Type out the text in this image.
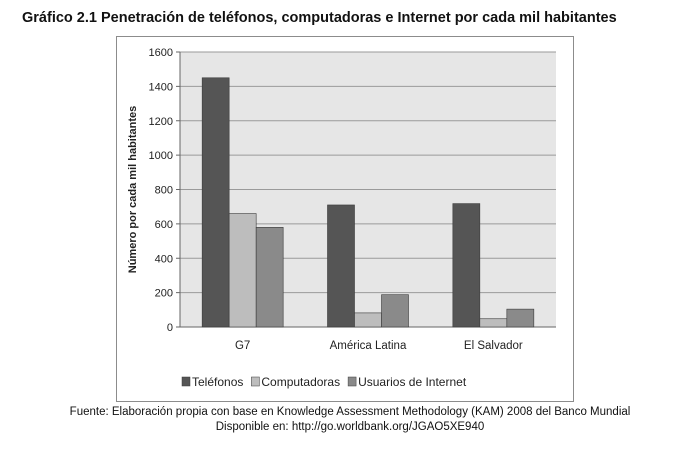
Gráfico 2.1 Penetración de teléfonos, computadoras e Internet por cada mil habitantes
0
200
400
600
800
1000
1200
1400
1600
G7	América Latina	El Salvador
Número por cada mil habitantes
Teléfonos Computadoras Usuarios de Internet
Fuente: Elaboración propia con base en Knowledge Assessment Methodology (KAM) 2008 del Banco Mundial
Disponible en: http://go.worldbank.org/JGAO5XE940
